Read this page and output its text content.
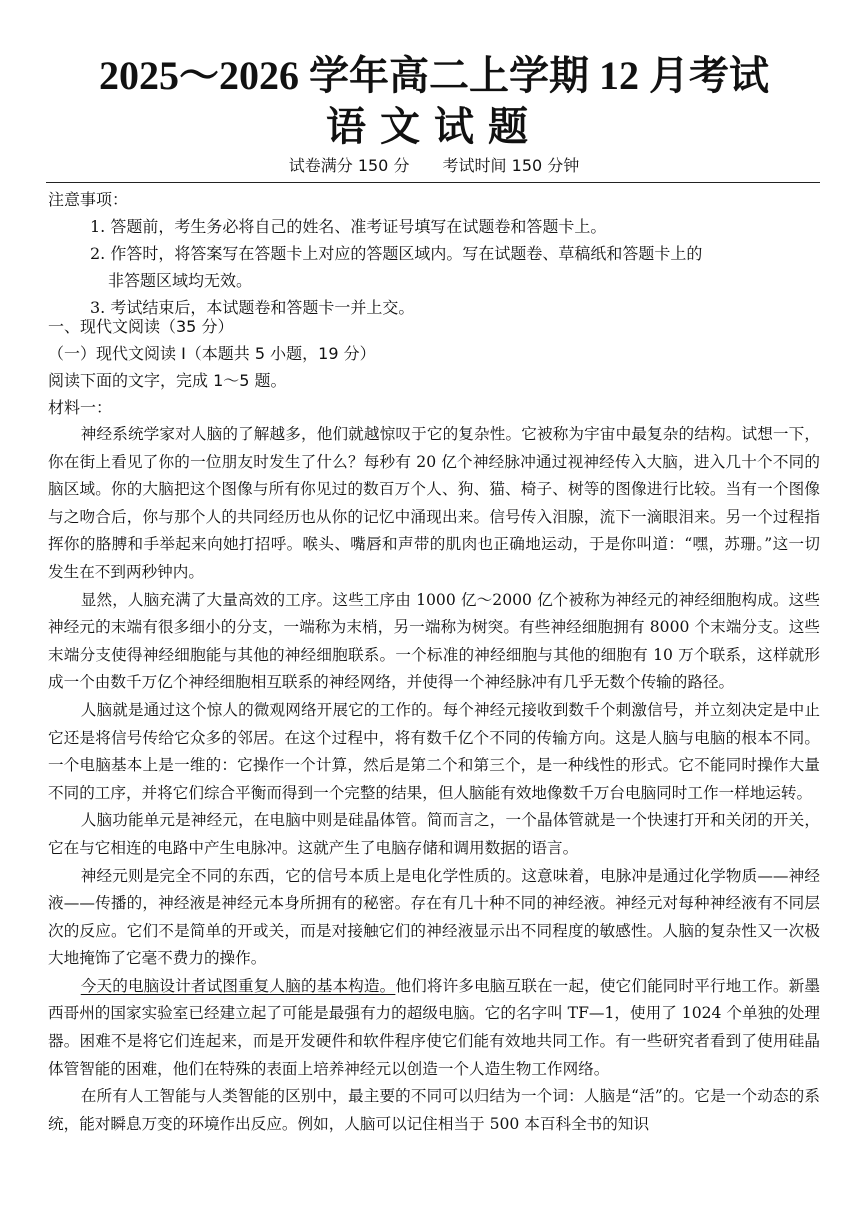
2025～2026 学年高二上学期 12 月考试
语文试题
试卷满分 150 分 考试时间 150 分钟
注意事项：
1. 答题前，考生务必将自己的姓名、准考证号填写在试题卷和答题卡上。
2. 作答时，将答案写在答题卡上对应的答题区域内。写在试题卷、草稿纸和答题卡上的
非答题区域均无效。
3. 考试结束后，本试题卷和答题卡一并上交。
一、现代文阅读（35 分）
（一）现代文阅读 I（本题共 5 小题，19 分）
阅读下面的文字，完成 1～5 题。
材料一：

神经系统学家对人脑的了解越多，他们就越惊叹于它的复杂性。它被称为宇宙中最复杂的结构。试想一下，你在街上看见了你的一位朋友时发生了什么？每秒有 20 亿个神经脉冲通过视神经传入大脑，进入几十个不同的脑区域。你的大脑把这个图像与所有你见过的数百万个人、狗、猫、椅子、树等的图像进行比较。当有一个图像与之吻合后，你与那个人的共同经历也从你的记忆中涌现出来。信号传入泪腺，流下一滴眼泪来。另一个过程指挥你的胳膊和手举起来向她打招呼。喉头、嘴唇和声带的肌肉也正确地运动，于是你叫道：“嘿，苏珊。”这一切发生在不到两秒钟内。

显然，人脑充满了大量高效的工序。这些工序由 1000 亿～2000 亿个被称为神经元的神经细胞构成。这些神经元的末端有很多细小的分支，一端称为末梢，另一端称为树突。有些神经细胞拥有 8000 个末端分支。这些末端分支使得神经细胞能与其他的神经细胞联系。一个标准的神经细胞与其他的细胞有 10 万个联系，这样就形成一个由数千万亿个神经细胞相互联系的神经网络，并使得一个神经脉冲有几乎无数个传输的路径。

人脑就是通过这个惊人的微观网络开展它的工作的。每个神经元接收到数千个刺激信号，并立刻决定是中止它还是将信号传给它众多的邻居。在这个过程中，将有数千亿个不同的传输方向。这是人脑与电脑的根本不同。一个电脑基本上是一维的：它操作一个计算，然后是第二个和第三个，是一种线性的形式。它不能同时操作大量不同的工序，并将它们综合平衡而得到一个完整的结果，但人脑能有效地像数千万台电脑同时工作一样地运转。

人脑功能单元是神经元，在电脑中则是硅晶体管。简而言之，一个晶体管就是一个快速打开和关闭的开关，它在与它相连的电路中产生电脉冲。这就产生了电脑存储和调用数据的语言。

神经元则是完全不同的东西，它的信号本质上是电化学性质的。这意味着，电脉冲是通过化学物质——神经液——传播的，神经液是神经元本身所拥有的秘密。存在有几十种不同的神经液。神经元对每种神经液有不同层次的反应。它们不是简单的开或关，而是对接触它们的神经液显示出不同程度的敏感性。人脑的复杂性又一次极大地掩饰了它毫不费力的操作。

今天的电脑设计者试图重复人脑的基本构造。他们将许多电脑互联在一起，使它们能同时平行地工作。新墨西哥州的国家实验室已经建立起了可能是最强有力的超级电脑。它的名字叫 TF—1，使用了 1024 个单独的处理器。困难不是将它们连起来，而是开发硬件和软件程序使它们能有效地共同工作。有一些研究者看到了使用硅晶体管智能的困难，他们在特殊的表面上培养神经元以创造一个人造生物工作网络。

在所有人工智能与人类智能的区别中，最主要的不同可以归结为一个词：人脑是“活”的。它是一个动态的系统，能对瞬息万变的环境作出反应。例如，人脑可以记住相当于 500 本百科全书的知识
